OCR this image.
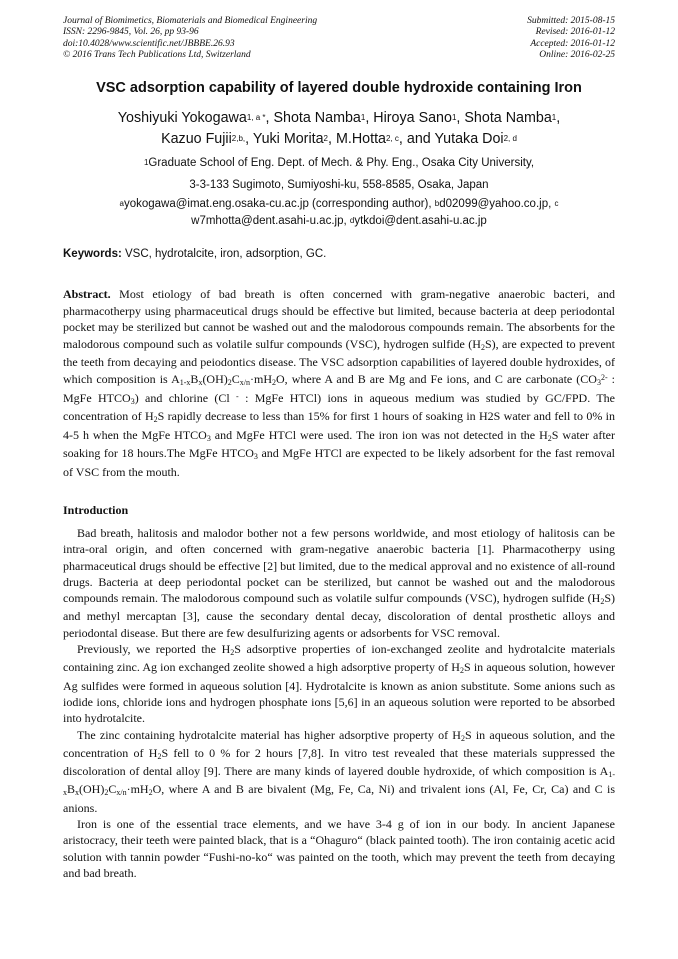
Journal of Biomimetics, Biomaterials and Biomedical Engineering
ISSN: 2296-9845, Vol. 26, pp 93-96
doi:10.4028/www.scientific.net/JBBBE.26.93
© 2016 Trans Tech Publications Ltd, Switzerland
Submitted: 2015-08-15
Revised: 2016-01-12
Accepted: 2016-01-12
Online: 2016-02-25
VSC adsorption capability of layered double hydroxide containing Iron
Yoshiyuki Yokogawa$^{1, a *}$, Shota Namba$^1$, Hiroya Sano$^1$, Shota Namba$^1$,
Kazuo Fujii$^{2,b,}$, Yuki Morita$^2$, M.Hotta$^{2, c}$, and Yutaka Doi$^{2, d}$
$^1$Graduate School of Eng. Dept. of Mech. & Phy. Eng., Osaka City University,
3-3-133 Sugimoto, Sumiyoshi-ku, 558-8585, Osaka, Japan
$^a$yokogawa@imat.eng.osaka-cu.ac.jp (corresponding author), $^b$d02099@yahoo.co.jp, $^c$
w7mhotta@dent.asahi-u.ac.jp, $^d$ytkdoi@dent.asahi-u.ac.jp
Keywords: VSC, hydrotalcite, iron, adsorption, GC.
Abstract. Most etiology of bad breath is often concerned with gram-negative anaerobic bacteri, and pharmacotherpy using pharmaceutical drugs should be effective but limited, because bacteria at deep periodontal pocket may be sterilized but cannot be washed out and the malodorous compounds remain. The absorbents for the malodorous compound such as volatile sulfur compounds (VSC), hydrogen sulfide $(H_2S)$, are expected to prevent the teeth from decaying and peiodontics disease. The VSC adsorption capabilities of layered double hydroxides, of which composition is $A_{1-x}B_x(OH)_2C_{x/n}\cdot mH_2O$, where A and B are Mg and Fe ions, and C are carbonate ($CO_3^{2-}$ : MgFe $HTCO_3$) and chlorine (Cl - : MgFe HTCl) ions in aqueous medium was studied by GC/FPD. The concentration of $H_2S$ rapidly decrease to less than 15% for first 1 hours of soaking in H2S water and fell to 0% in 4-5 h when the MgFe $HTCO_3$ and MgFe HTCl were used. The iron ion was not detected in the $H_2S$ water after soaking for 18 hours.The MgFe $HTCO_3$ and MgFe HTCl are expected to be likely adsorbent for the fast removal of VSC from the mouth.
Introduction

Bad breath, halitosis and malodor bother not a few persons worldwide, and most etiology of halitosis can be intra-oral origin, and often concerned with gram-negative anaerobic bacteria [1]. Pharmacotherpy using pharmaceutical drugs should be effective [2] but limited, due to the medical approval and no existence of all-round drugs. Bacteria at deep periodontal pocket can be sterilized, but cannot be washed out and the malodorous compounds remain. The malodorous compound such as volatile sulfur compounds (VSC), hydrogen sulfide $(H_2S)$ and methyl mercaptan [3], cause the secondary dental decay, discoloration of dental prosthetic alloys and periodontal disease. But there are few desulfurizing agents or adsorbents for VSC removal.

Previously, we reported the $H_2S$ adsorptive properties of ion-exchanged zeolite and hydrotalcite materials containing zinc. Ag ion exchanged zeolite showed a high adsorptive property of $H_2S$ in aqueous solution, however Ag sulfides were formed in aqueous solution [4]. Hydrotalcite is known as anion substitute. Some anions such as iodide ions, chloride ions and hydrogen phosphate ions [5,6] in an aqueous solution were reported to be absorbed into hydrotalcite.

The zinc containing hydrotalcite material has higher adsorptive property of $H_2S$ in aqueous solution, and the concentration of $H_2S$ fell to 0 % for 2 hours [7,8]. In vitro test revealed that these materials suppressed the discoloration of dental alloy [9]. There are many kinds of layered double hydroxide, of which composition is $A_{1-x}B_x(OH)_2C_{x/n}\cdot mH_2O$, where A and B are bivalent (Mg, Fe, Ca, Ni) and trivalent ions (Al, Fe, Cr, Ca) and C is anions.

Iron is one of the essential trace elements, and we have 3-4 g of ion in our body. In ancient Japanese aristocracy, their teeth were painted black, that is a “Ohaguro“ (black painted tooth). The iron containig acetic acid solution with tannin powder “Fushi-no-ko“ was painted on the tooth, which may prevent the teeth from decaying and bad breath.
